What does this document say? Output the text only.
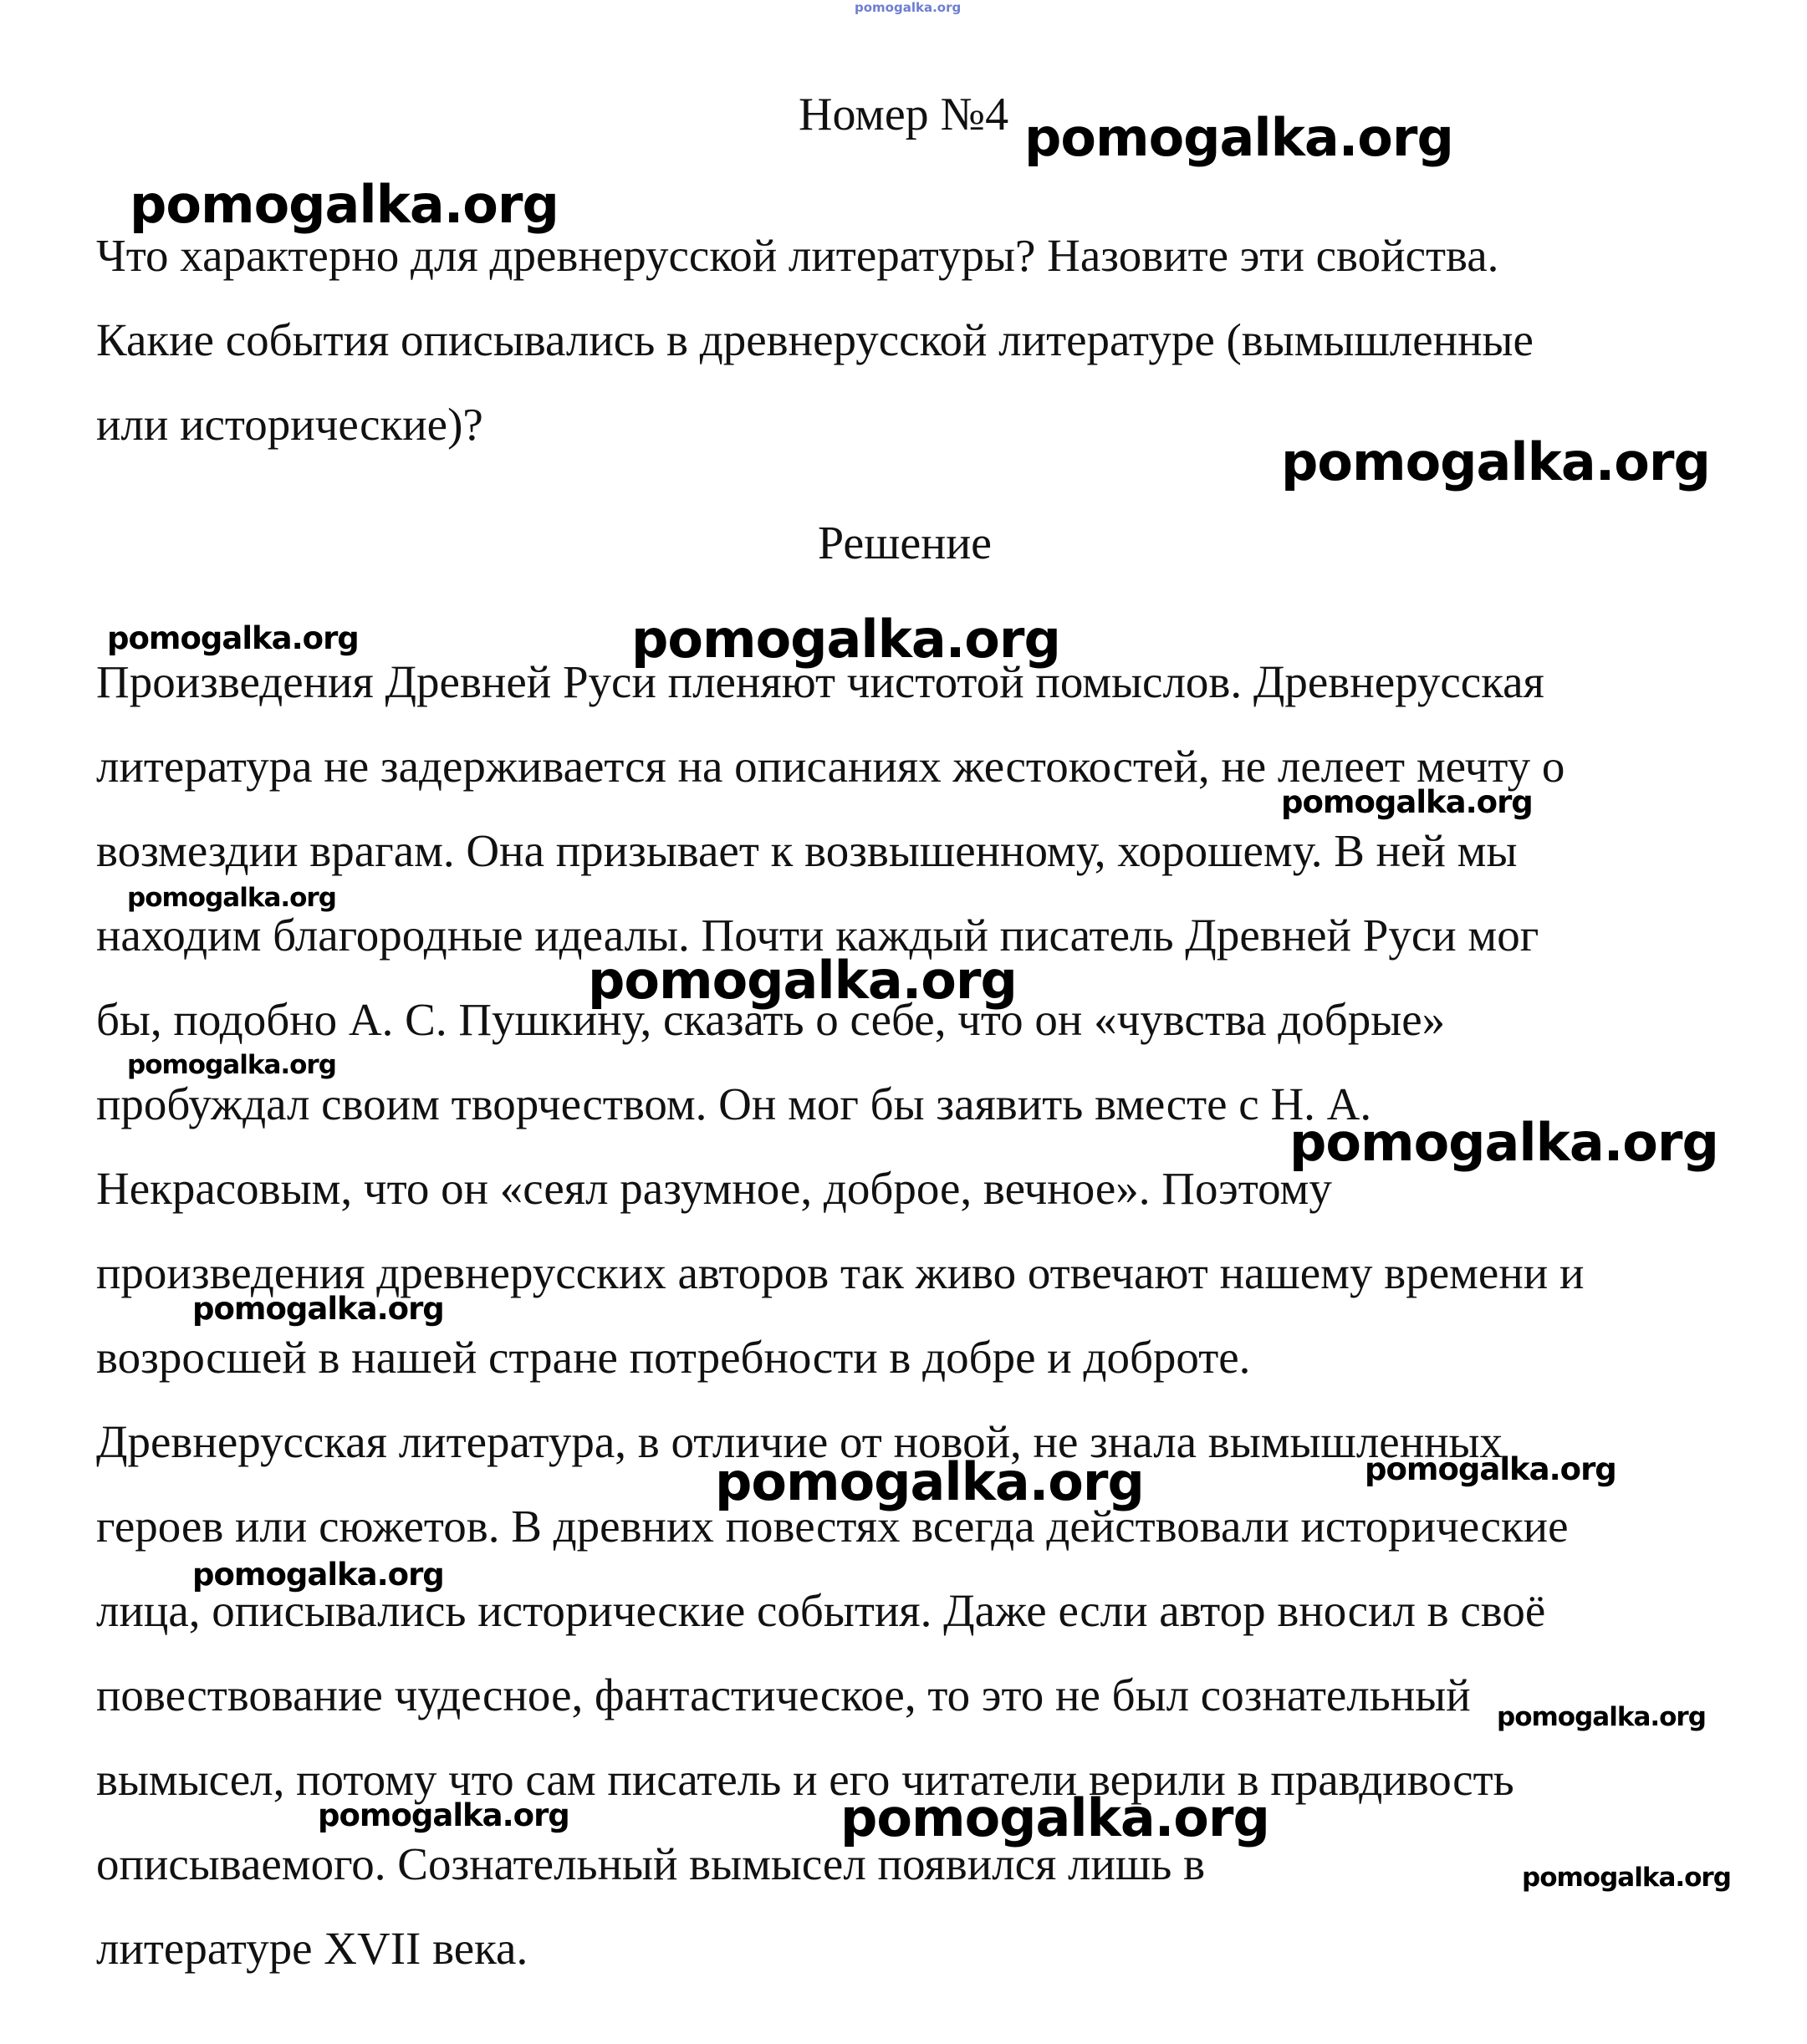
pomogalka.org
Номер №4
Что характерно для древнерусской литературы? Назовите эти свойства.
Какие события описывались в древнерусской литературе (вымышленные
или исторические)?
Решение
Произведения Древней Руси пленяют чистотой помыслов. Древнерусская
литература не задерживается на описаниях жестокостей, не лелеет мечту о
возмездии врагам. Она призывает к возвышенному, хорошему. В ней мы
находим благородные идеалы. Почти каждый писатель Древней Руси мог
бы, подобно А. С. Пушкину, сказать о себе, что он «чувства добрые»
пробуждал своим творчеством. Он мог бы заявить вместе с Н. А.
Некрасовым, что он «сеял разумное, доброе, вечное». Поэтому
произведения древнерусских авторов так живо отвечают нашему времени и
возросшей в нашей стране потребности в добре и доброте.
Древнерусская литература, в отличие от новой, не знала вымышленных
героев или сюжетов. В древних повестях всегда действовали исторические
лица, описывались исторические события. Даже если автор вносил в своё
повествование чудесное, фантастическое, то это не был сознательный
вымысел, потому что сам писатель и его читатели верили в правдивость
описываемого. Сознательный вымысел появился лишь в
литературе XVII века.
pomogalka.org
pomogalka.org
pomogalka.org
pomogalka.org	pomogalka.org
pomogalka.org
pomogalka.org
pomogalka.org
pomogalka.org
pomogalka.org
pomogalka.org
pomogalka.org	pomogalka.org
pomogalka.org
pomogalka.org
pomogalka.org	pomogalka.org
pomogalka.org
